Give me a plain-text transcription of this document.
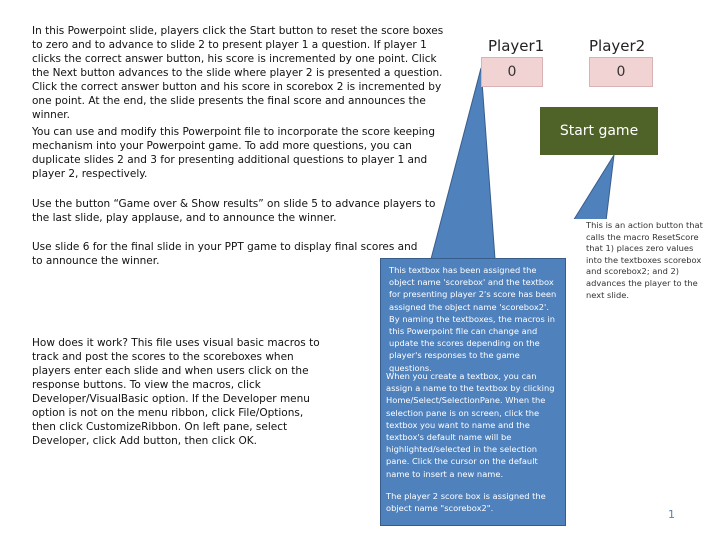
In this Powerpoint slide, players click the Start button to reset the score boxes to zero and to advance to slide 2 to present player 1 a question. If player 1 clicks the correct answer button, his score is incremented by one point. Click the Next button advances to the slide where player 2 is presented a question. Click the correct answer button and his score in scorebox 2 is incremented by one point. At the end, the slide presents the final score and announces the winner.
You can use and modify this Powerpoint file to incorporate the score keeping mechanism into your Powerpoint game. To add more questions, you can duplicate slides 2 and 3 for presenting additional questions to player 1 and player 2, respectively.
Use the button “Game over & Show results” on slide 5 to advance players to the last slide, play applause, and to announce the winner.
Use slide 6 for the final slide in your PPT game to display final scores and to announce the winner.
How does it work? This file uses visual basic macros to track and post the scores to the scoreboxes when players enter each slide and when users click on the response buttons. To view the macros, click Developer/VisualBasic option. If the Developer menu option is not on the menu ribbon, click File/Options, then click CustomizeRibbon. On left pane, select Developer, click Add button, then click OK.
Player1	Player2
0	0
Start game
This textbox has been assigned the object name 'scorebox' and the textbox for presenting player 2's score has been assigned the object name 'scorebox2'. By naming the textboxes, the macros in this Powerpoint file can change and update the scores depending on the player's responses to the game questions.
When you create a textbox, you can assign a name to the textbox by clicking Home/Select/SelectionPane. When the selection pane is on screen, click the textbox you want to name and the textbox's default name will be highlighted/selected in the selection pane. Click the cursor on the default name to insert a new name.
The player 2 score box is assigned the object name "scorebox2".
This is an action button that calls the macro ResetScore that 1) places zero values into the textboxes scorebox and scorebox2; and 2) advances the player to the next slide.
1
